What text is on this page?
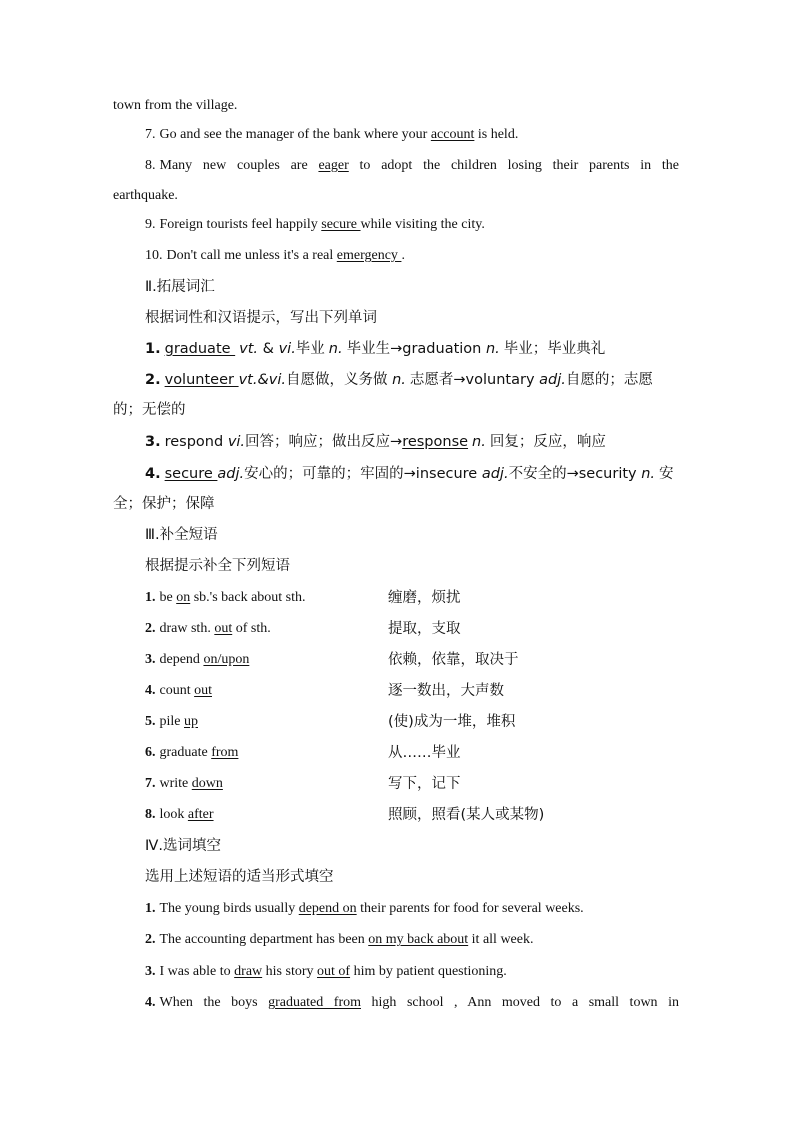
town from the village.
7. Go and see the manager of the bank where your account is held.
8. Many new couples are eager to adopt the children losing their parents in the
earthquake.
9. Foreign tourists feel happily secure while visiting the city.
10. Don't call me unless it's a real emergency .
Ⅱ.拓展词汇
根据词性和汉语提示，写出下列单词
1. graduate vt. & vi.毕业 n. 毕业生→graduation n. 毕业；毕业典礼
2. volunteer vt.&vi.自愿做，义务做 n. 志愿者→voluntary adj.自愿的；志愿
的；无偿的
3. respond vi.回答；响应；做出反应→response n. 回复；反应，响应
4. secure adj.安心的；可靠的；牢固的→insecure adj.不安全的→security n. 安
全；保护；保障
Ⅲ.补全短语
根据提示补全下列短语
1. be on sb.'s back about sth.	缠磨，烦扰
2. draw sth. out of sth.	提取，支取
3. depend on/upon	依赖，依靠，取决于
4. count out	逐一数出，大声数
5. pile up	(使)成为一堆，堆积
6. graduate from	从……毕业
7. write down	写下，记下
8. look after	照顾，照看(某人或某物)
Ⅳ.选词填空
选用上述短语的适当形式填空
1. The young birds usually depend on their parents for food for several weeks.
2. The accounting department has been on my back about it all week.
3. I was able to draw his story out of him by patient questioning.
4. When the boys graduated from high school , Ann moved to a small town in
